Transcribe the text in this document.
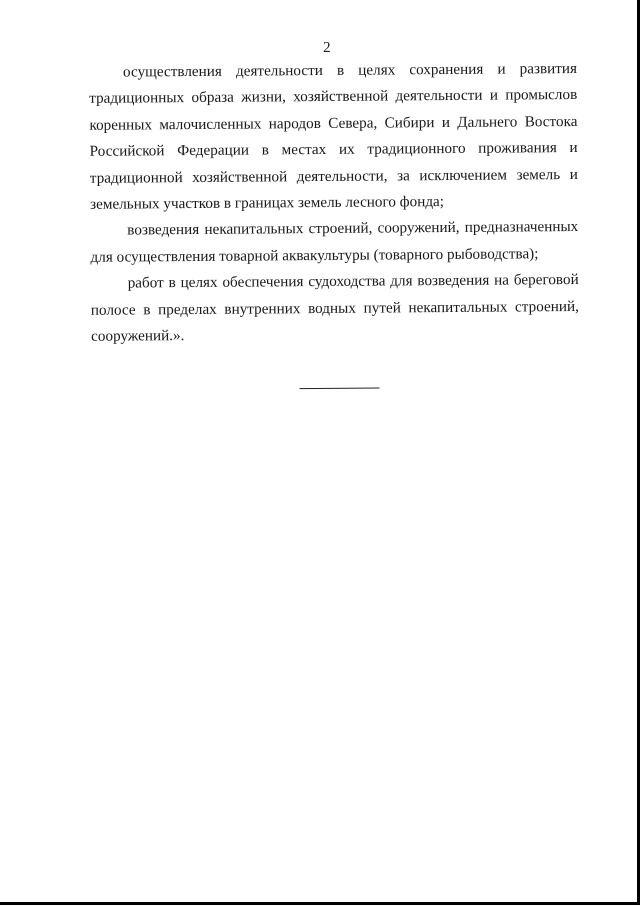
2

осуществления деятельности в целях сохранения и развития традиционных образа жизни, хозяйственной деятельности и промыслов коренных малочисленных народов Севера, Сибири и Дальнего Востока Российской Федерации в местах их традиционного проживания и традиционной хозяйственной деятельности, за исключением земель и земельных участков в границах земель лесного фонда;

возведения некапитальных строений, сооружений, предназначенных для осуществления товарной аквакультуры (товарного рыбоводства);

работ в целях обеспечения судоходства для возведения на береговой полосе в пределах внутренних водных путей некапитальных строений, сооружений.».
